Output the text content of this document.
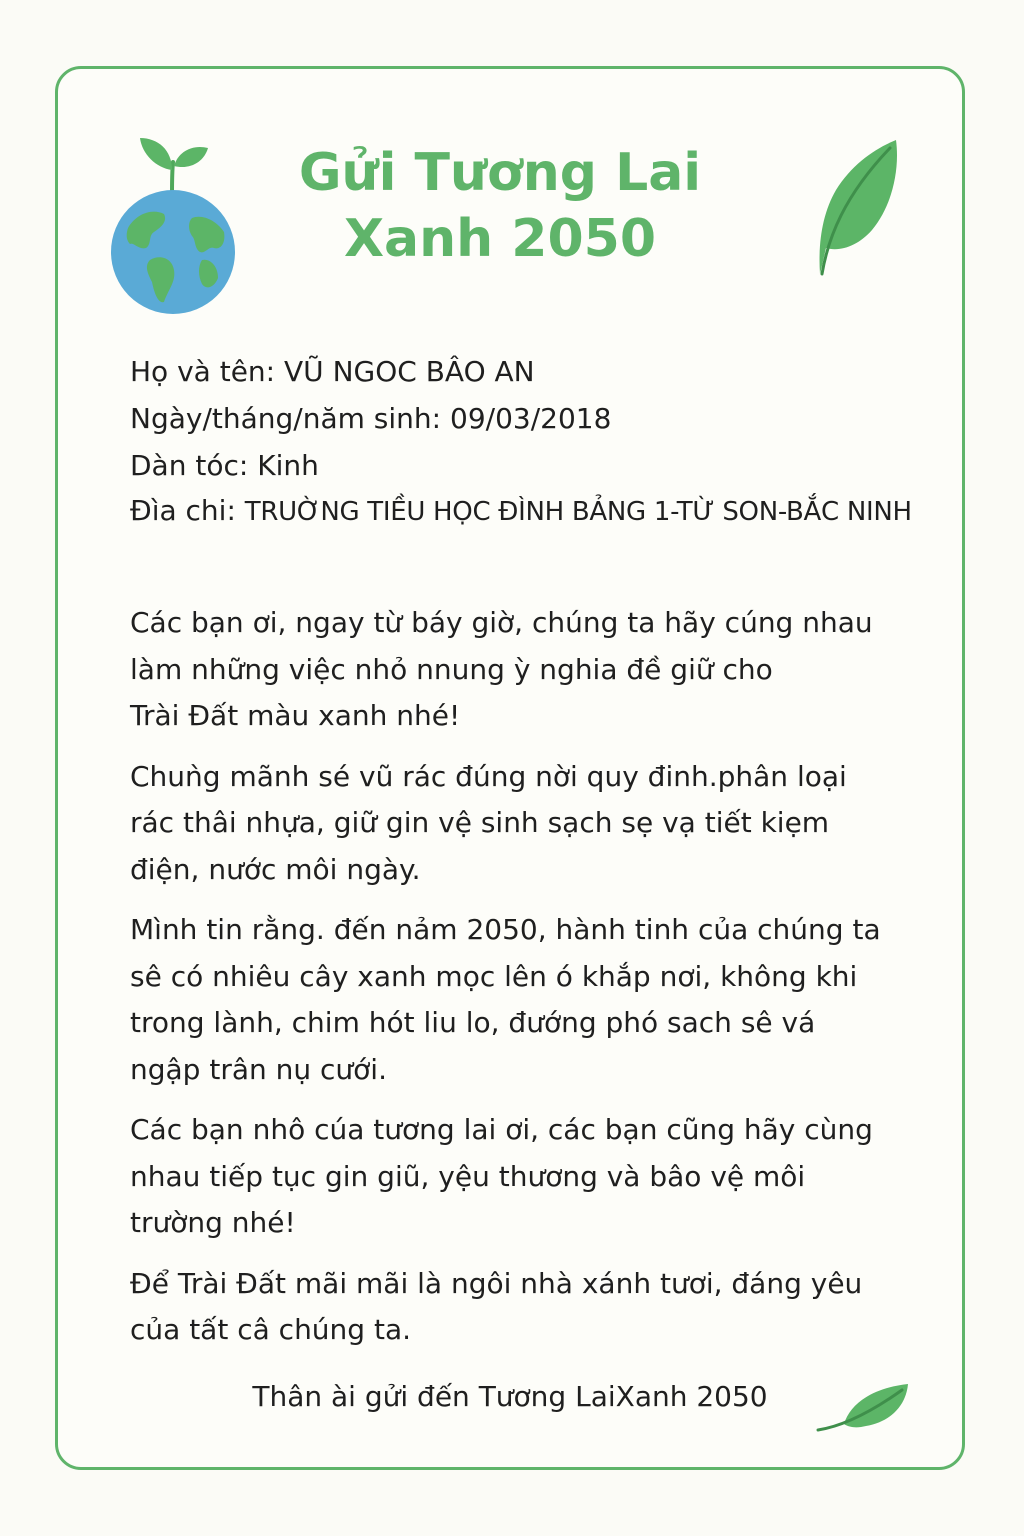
Gửi Tương Lai
Xanh 2050
Họ và tên: VŨ NGOC BÂO AN
Ngày/tháng/năm sinh: 09/03/2018
Dàn tóc: Kinh
Đìa chi: TRUỜNG TIỀU HỌC ĐÌNH BẢNG 1-TỪ SON-BẮC NINH

Các bạn ơi, ngay từ báy giờ, chúng ta hãy cúng nhau
làm những việc nhỏ nnung ỳ nghia đề giữ cho
Trài Đất màu xanh nhé!

Chuǹg mãnh sé vũ rác đúng nời quy đinh.phân loại
rác thâi nhựa, giữ gin vệ sinh sạch sẹ vạ tiết kiẹm
điện, nước môi ngày.

Mình tin rằng. đến nảm 2050, hành tinh của chúng ta
sê có nhiêu cây xanh mọc lên ó khắp nơi, không khi
trong lành, chim hót liu lo, đướng phó sach sê vá
ngập trân nụ cưới.

Các bạn nhô cúa tương lai ơi, các bạn cũng hãy cùng
nhau tiếp tục gin giũ, yệu thương và bâo vệ môi
trường nhé!

Để Trài Đất mãi mãi là ngôi nhà xánh tươi, đáng yêu
của tất câ chúng ta.

Thân ài gửi đến Tương LaiXanh 2050
